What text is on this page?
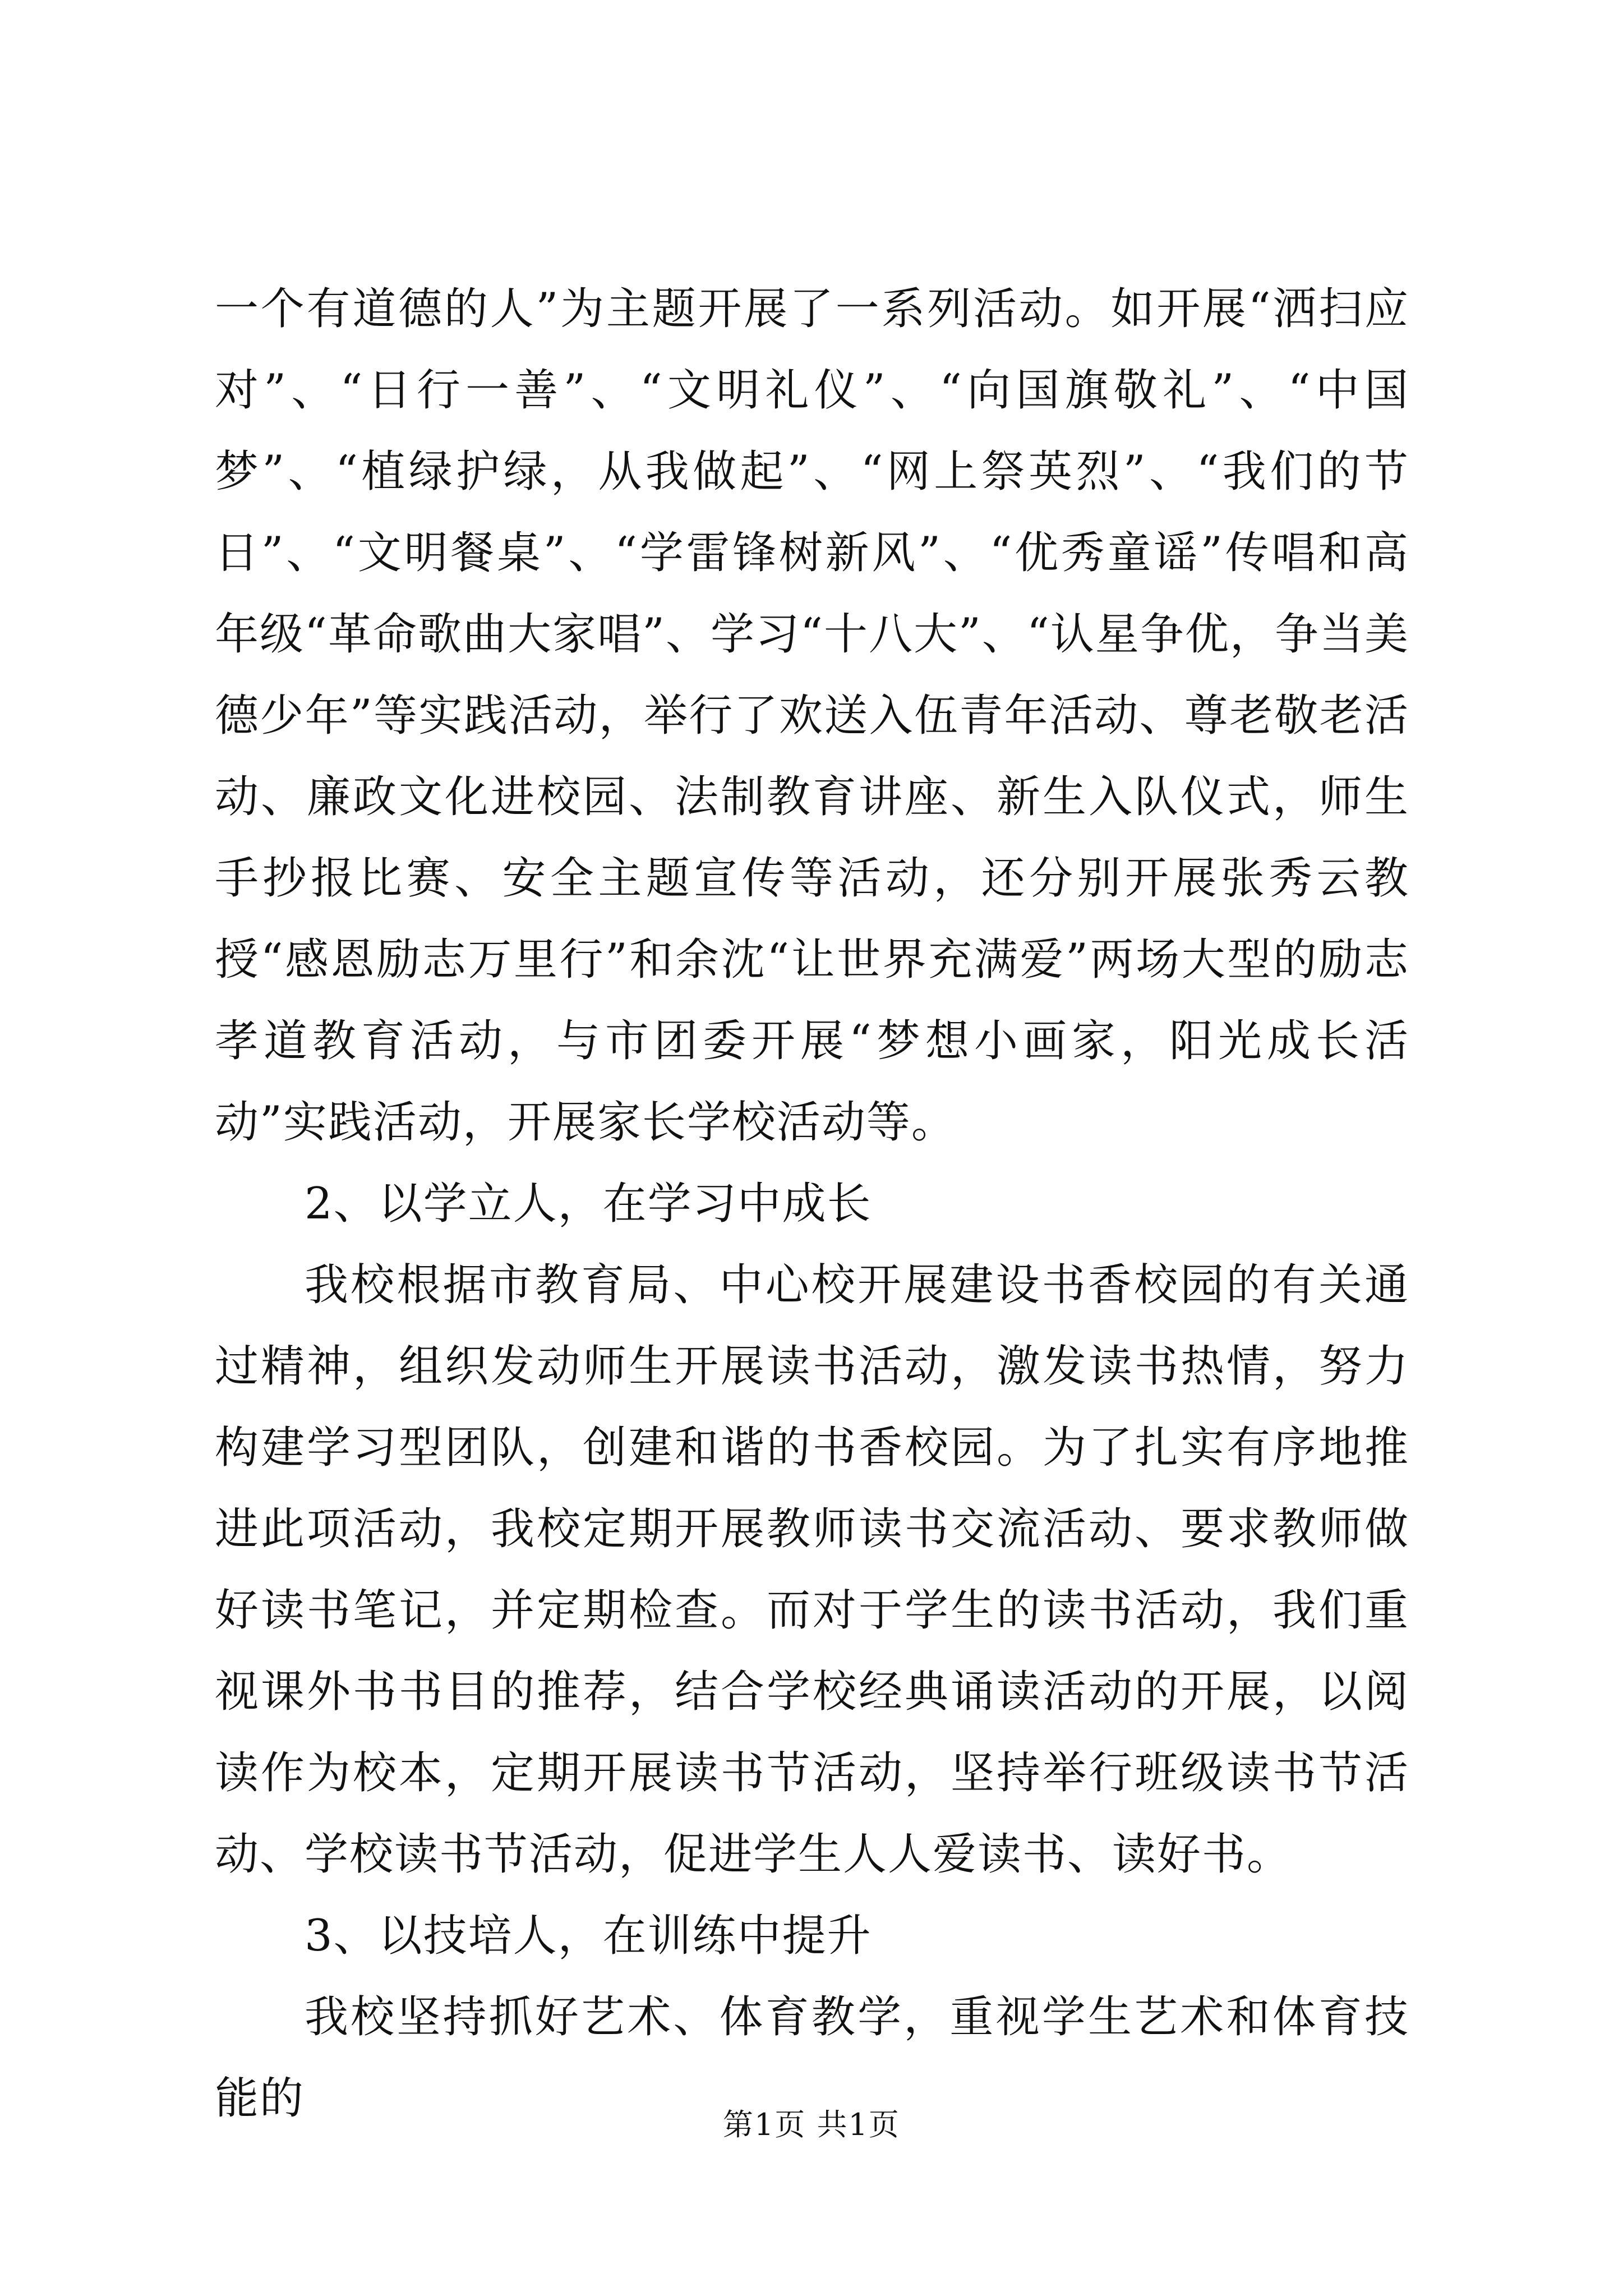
一个有道德的人”为主题开展了一系列活动。如开展“洒扫应对”、“日行一善”、“文明礼仪”、“向国旗敬礼”、“中国梦”、“植绿护绿，从我做起”、“网上祭英烈”、“我们的节日”、“文明餐桌”、“学雷锋树新风”、“优秀童谣”传唱和高年级“革命歌曲大家唱”、学习“十八大”、“认星争优，争当美德少年”等实践活动，举行了欢送入伍青年活动、尊老敬老活动、廉政文化进校园、法制教育讲座、新生入队仪式，师生手抄报比赛、安全主题宣传等活动，还分别开展张秀云教授“感恩励志万里行”和余沈“让世界充满爱”两场大型的励志孝道教育活动，与市团委开展“梦想小画家，阳光成长活动”实践活动，开展家长学校活动等。

2、以学立人，在学习中成长

我校根据市教育局、中心校开展建设书香校园的有关通过精神，组织发动师生开展读书活动，激发读书热情，努力构建学习型团队，创建和谐的书香校园。为了扎实有序地推进此项活动，我校定期开展教师读书交流活动、要求教师做好读书笔记，并定期检查。而对于学生的读书活动，我们重视课外书书目的推荐，结合学校经典诵读活动的开展，以阅读作为校本，定期开展读书节活动，坚持举行班级读书节活动、学校读书节活动，促进学生人人爱读书、读好书。

3、以技培人，在训练中提升

我校坚持抓好艺术、体育教学，重视学生艺术和体育技能的

第1页 共1页
